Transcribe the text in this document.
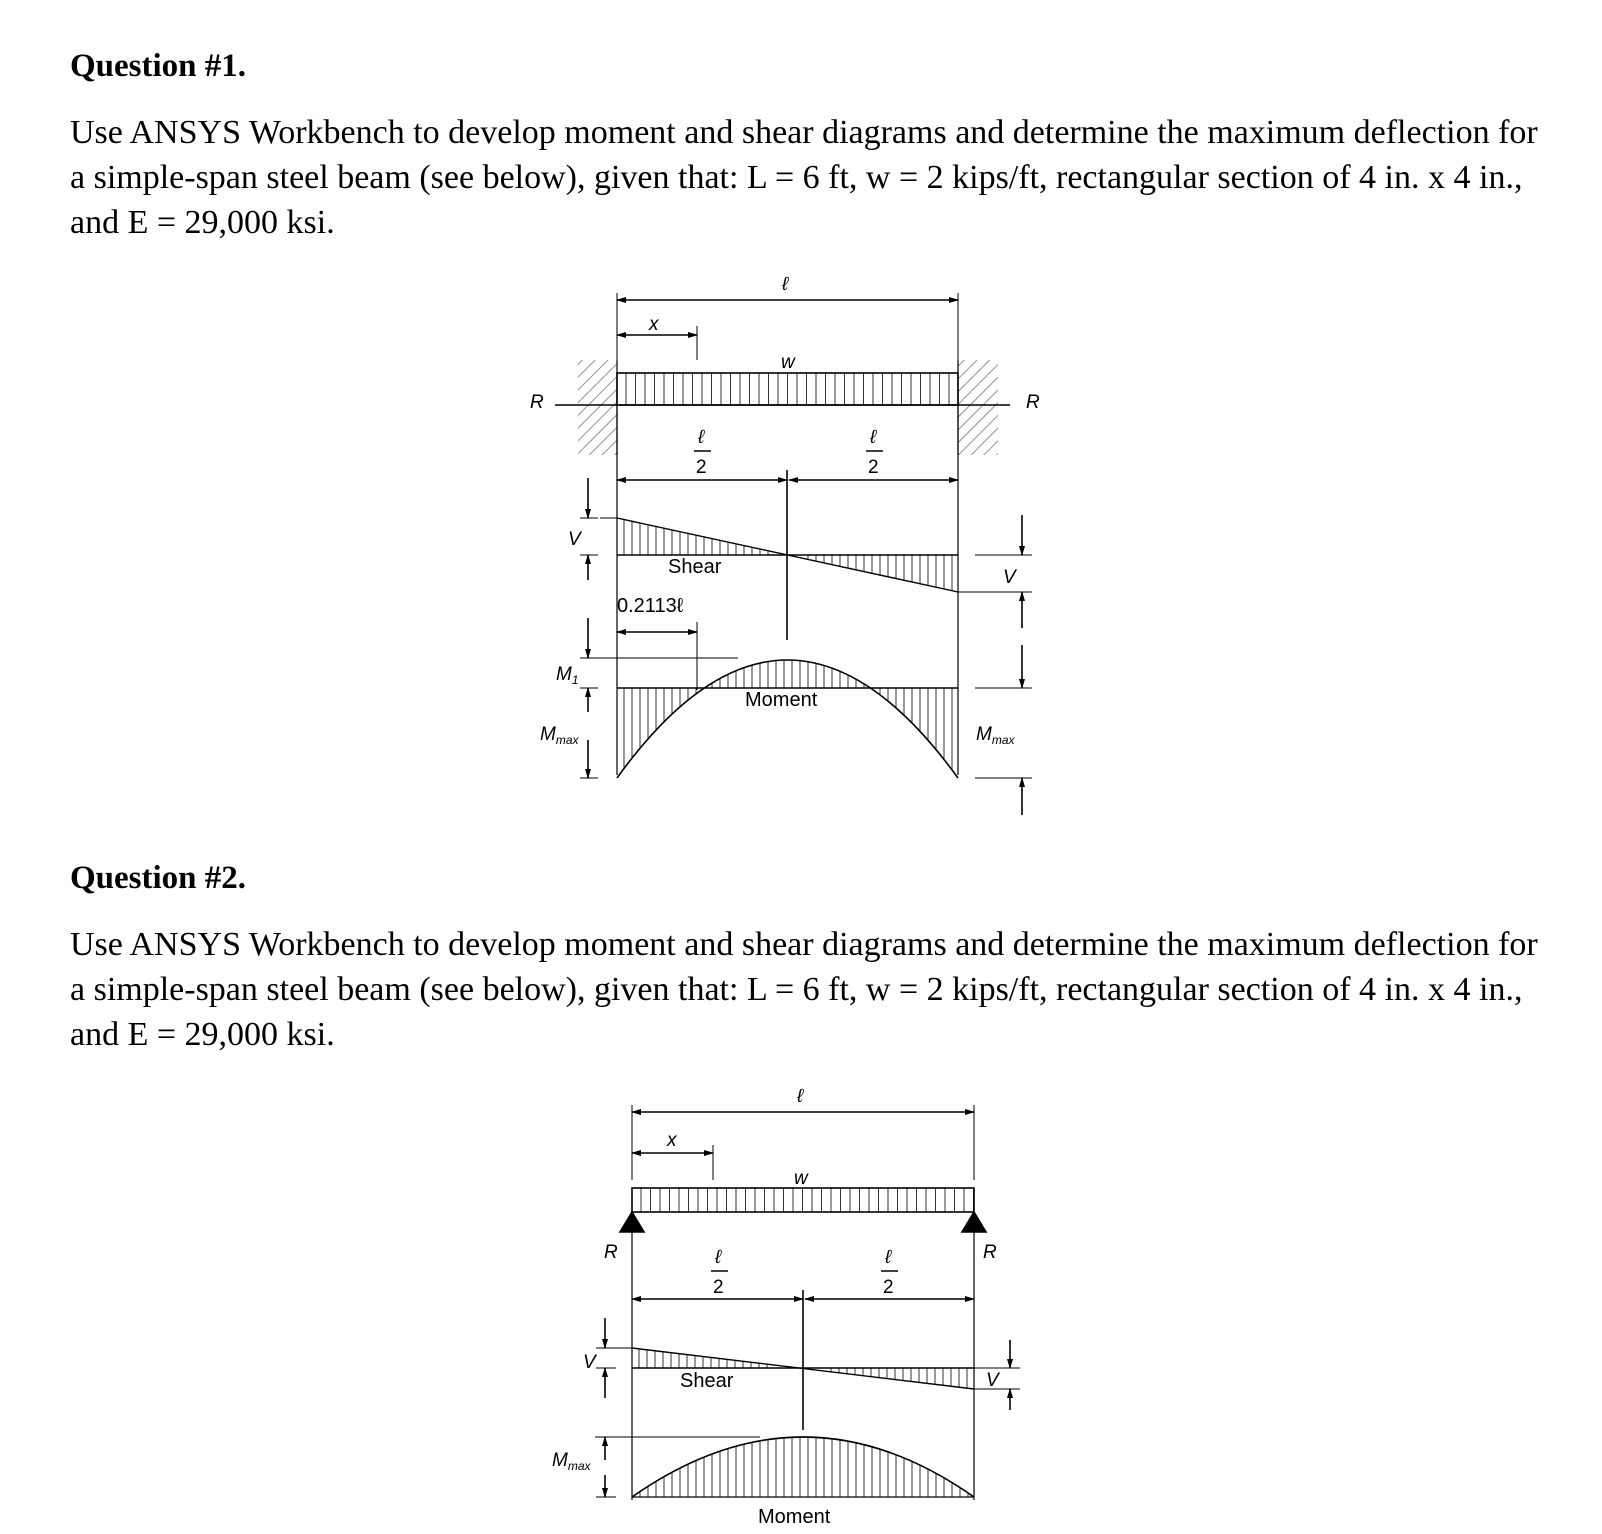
Question #1.

Use ANSYS Workbench to develop moment and shear diagrams and determine the maximum deflection for a simple-span steel beam (see below), given that: L = 6 ft, w = 2 kips/ft, rectangular section of 4 in. x 4 in., and E = 29,000 ksi.

ℓ
x
w
R	R
ℓ
2
ℓ
2
V
V
Shear
0.2113ℓ
Moment
$M_1$
$M_{max}$	$M_{max}$
Question #2.

Use ANSYS Workbench to develop moment and shear diagrams and determine the maximum deflection for a simple-span steel beam (see below), given that: L = 6 ft, w = 2 kips/ft, rectangular section of 4 in. x 4 in., and E = 29,000 ksi.

ℓ
x
w
R	R
ℓ
2
ℓ
2
V
V
Shear
Moment
$M_{max}$
